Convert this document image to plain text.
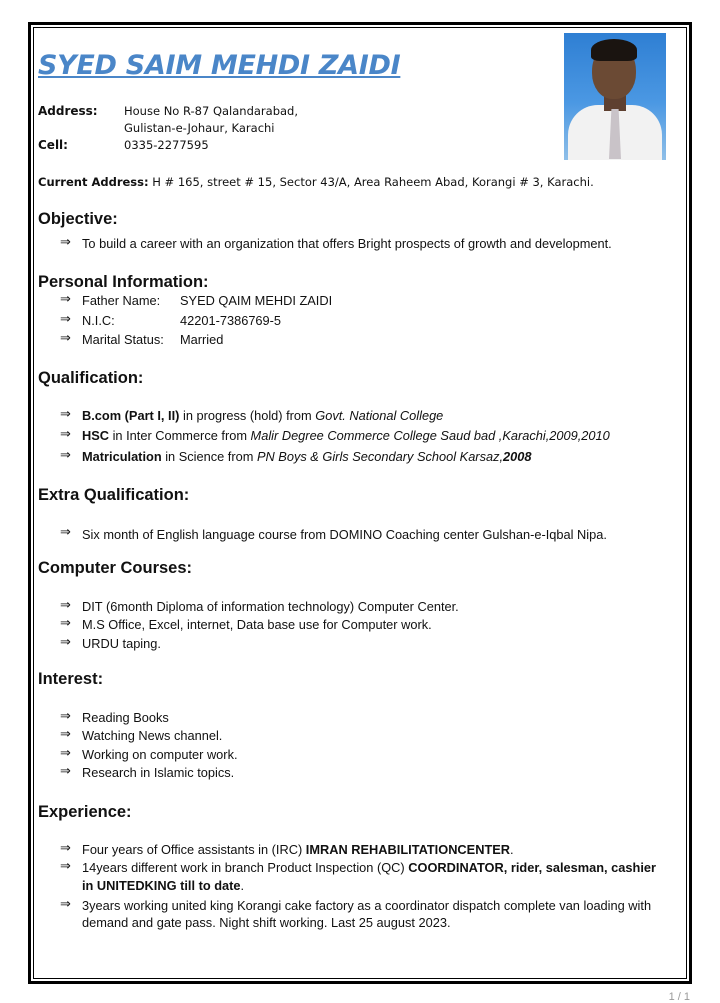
SYED SAIM MEHDI ZAIDI
Address: House No R-87 Qalandarabad,
Gulistan-e-Johaur, Karachi
Cell:	0335-2277595
Current Address: H # 165, street # 15, Sector 43/A, Area Raheem Abad, Korangi # 3, Karachi.
Objective:
⇒ To build a career with an organization that offers Bright prospects of growth and development.
Personal Information:
⇒ Father Name: SYED QAIM MEHDI ZAIDI
⇒ N.I.C:	42201-7386769-5
⇒ Marital Status: Married
Qualification:
⇒ B.com (Part I, II) in progress (hold) from Govt. National College
⇒ HSC in Inter Commerce from Malir Degree Commerce College Saud bad ,Karachi,2009,2010
⇒ Matriculation in Science from PN Boys & Girls Secondary School Karsaz,2008
Extra Qualification:
⇒ Six month of English language course from DOMINO Coaching center Gulshan-e-Iqbal Nipa.
Computer Courses:
⇒ DIT (6month Diploma of information technology) Computer Center.
⇒ M.S Office, Excel, internet, Data base use for Computer work.
⇒ URDU taping.
Interest:
⇒ Reading Books
⇒ Watching News channel.
⇒ Working on computer work.
⇒ Research in Islamic topics.
Experience:
⇒ Four years of Office assistants in (IRC) IMRAN REHABILITATIONCENTER.
⇒ 14years different work in branch Product Inspection (QC) COORDINATOR, rider, salesman, cashier
in UNITEDKING till to date.
⇒ 3years working united king Korangi cake factory as a coordinator dispatch complete van loading with
demand and gate pass. Night shift working. Last 25 august 2023.
1 / 1
